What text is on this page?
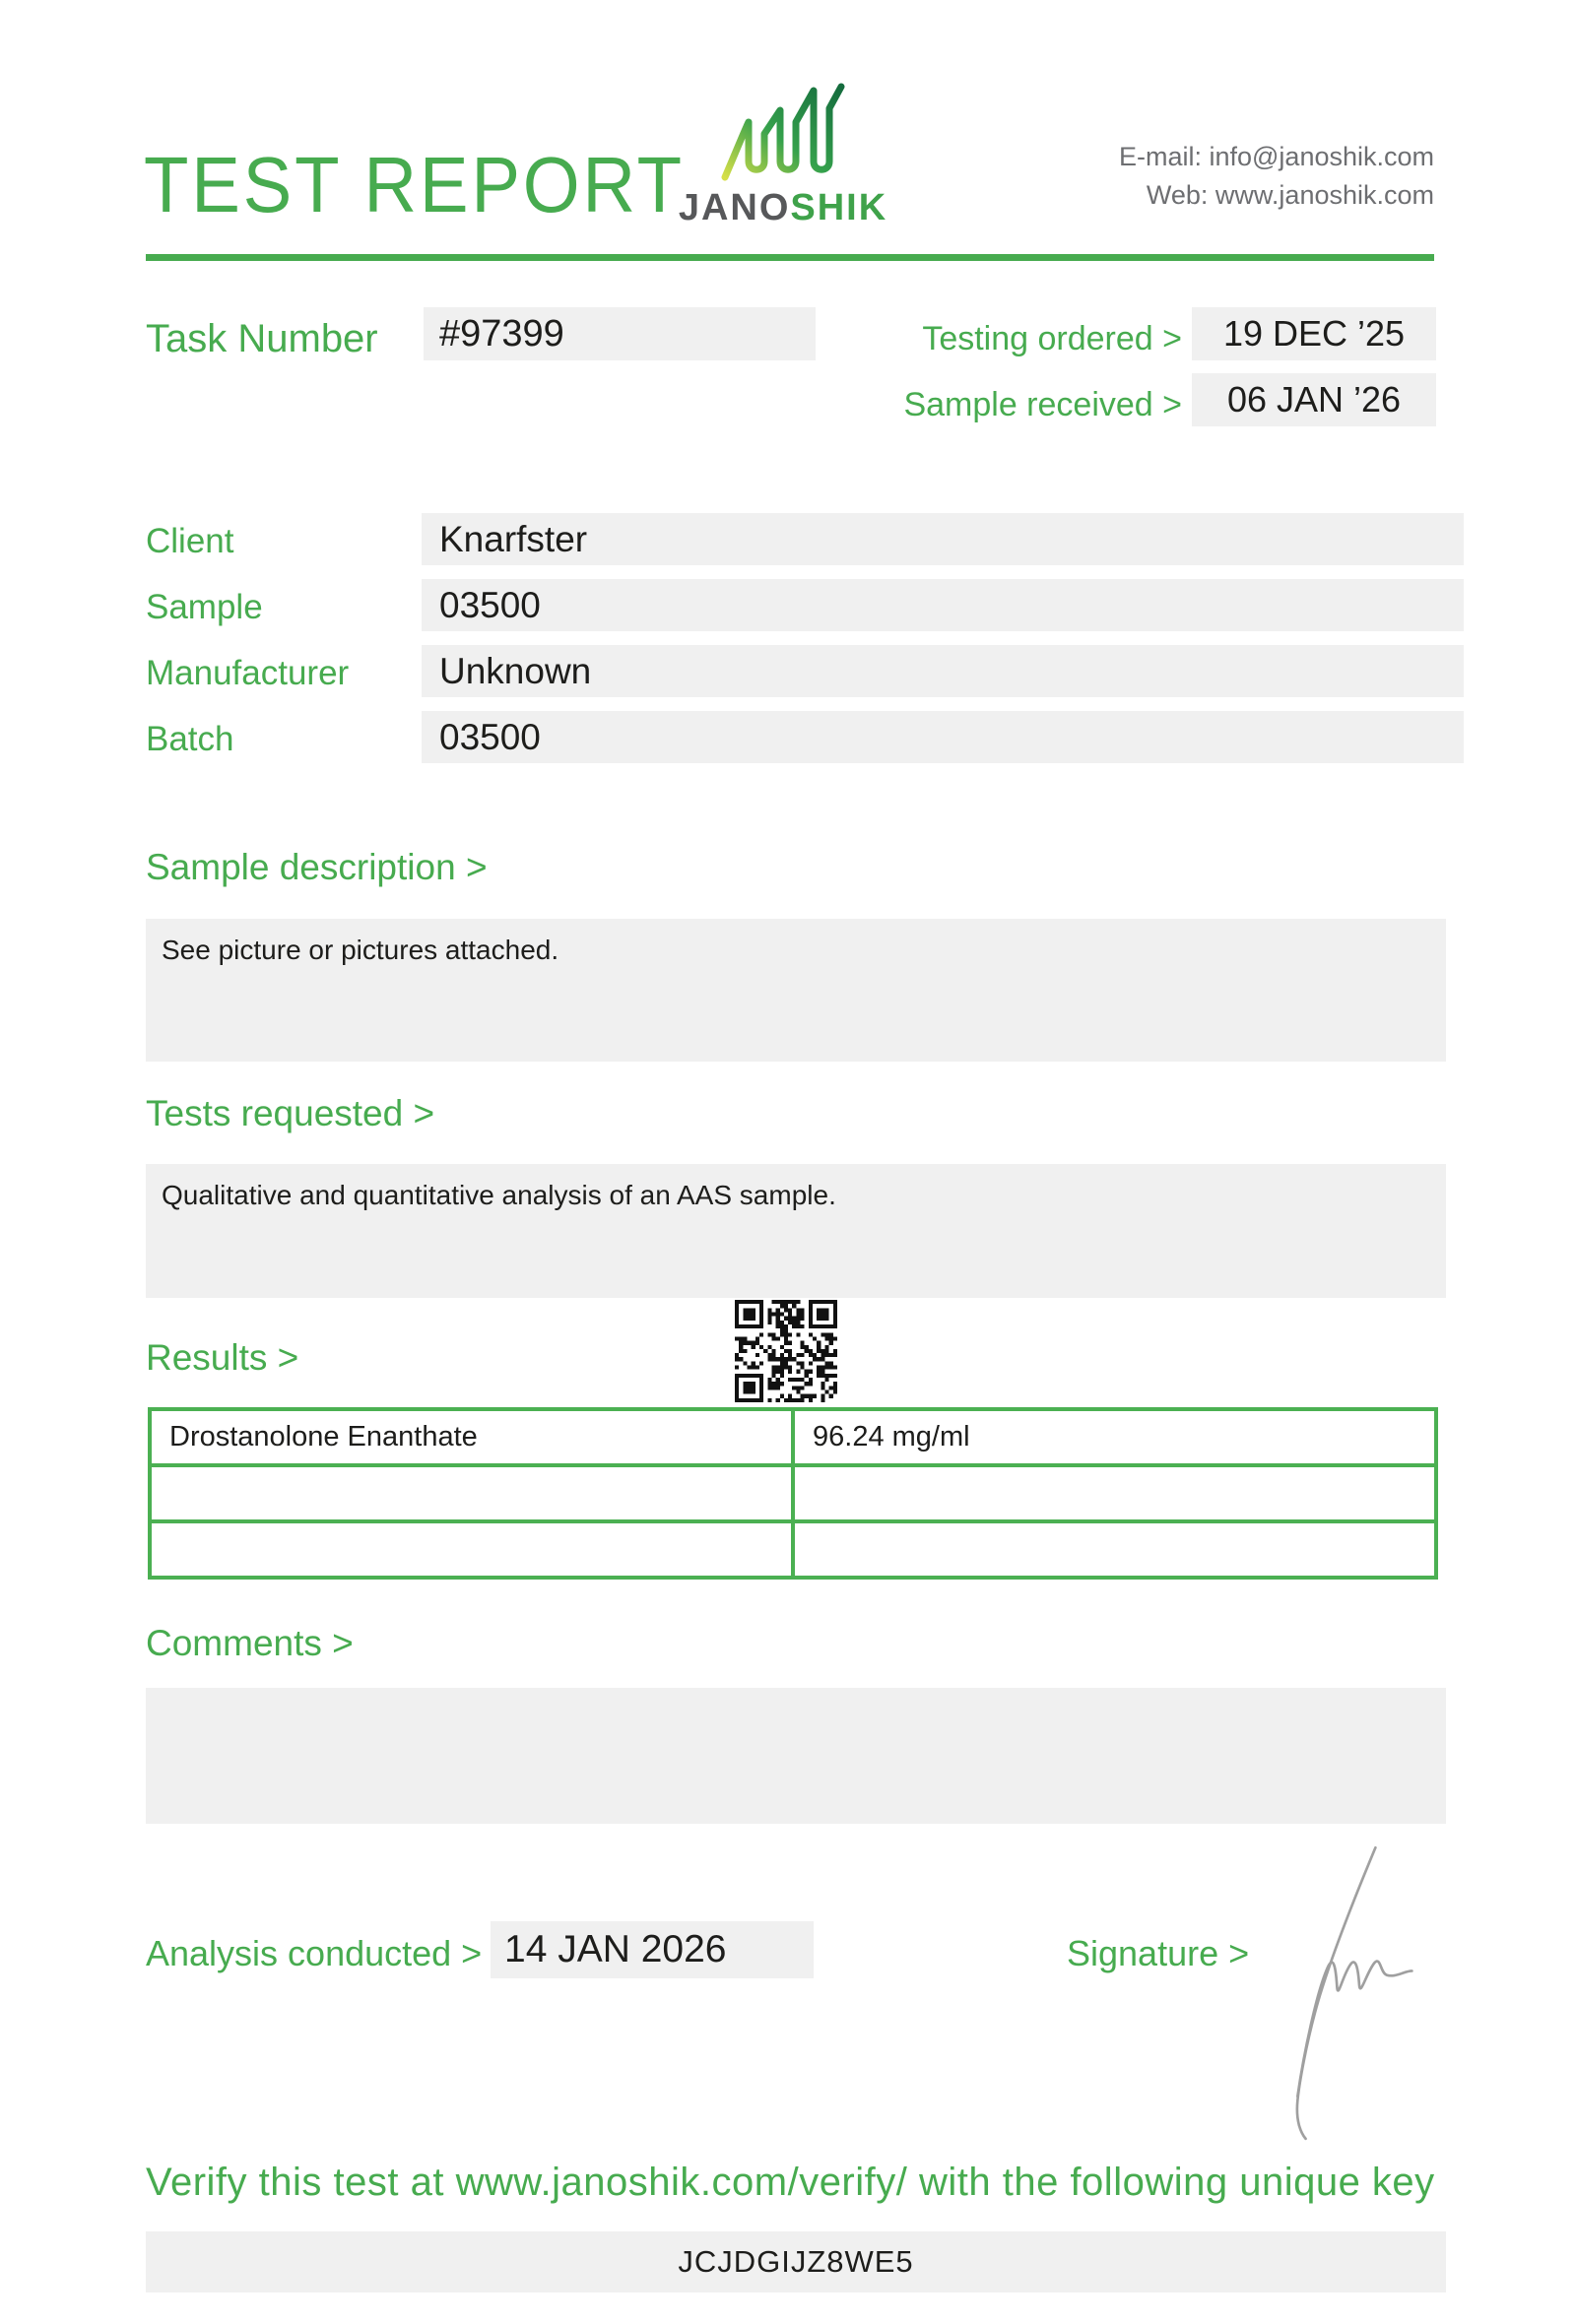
TEST REPORT
JANOSHIK
E-mail: info@janoshik.com
Web: www.janoshik.com
Task Number	#97399	Testing ordered >	19 DEC ’25
Sample received >	06 JAN ’26
Client	Knarfster
Sample	03500
Manufacturer	Unknown
Batch	03500
Sample description >
See picture or pictures attached.
Tests requested >
Qualitative and quantitative analysis of an AAS sample.
Results >
Drostanolone Enanthate	96.24 mg/ml

Comments >
Analysis conducted > 14 JAN 2026	Signature >
Verify this test at www.janoshik.com/verify/ with the following unique key
JCJDGIJZ8WE5
